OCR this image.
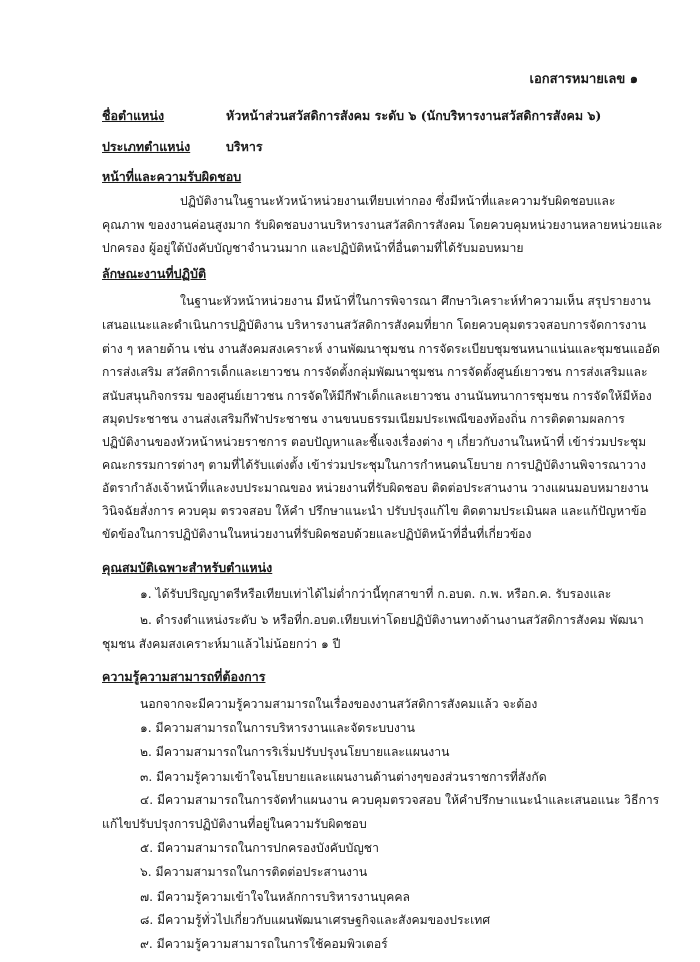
เอกสารหมายเลข ๑
ชื่อตำแหน่ง	หัวหน้าส่วนสวัสดิการสังคม ระดับ ๖ (นักบริหารงานสวัสดิการสังคม ๖)
ประเภทตำแหน่ง	บริหาร
หน้าที่และความรับผิดชอบ
ปฏิบัติงานในฐานะหัวหน้าหน่วยงานเทียบเท่ากอง ซึ่งมีหน้าที่และความรับผิดชอบและ
คุณภาพ ของงานค่อนสูงมาก รับผิดชอบงานบริหารงานสวัสดิการสังคม โดยควบคุมหน่วยงานหลายหน่วยและ
ปกครอง ผู้อยู่ใต้บังคับบัญชาจำนวนมาก และปฏิบัติหน้าที่อื่นตามที่ได้รับมอบหมาย
ลักษณะงานที่ปฏิบัติ
ในฐานะหัวหน้าหน่วยงาน มีหน้าที่ในการพิจารณา ศึกษาวิเคราะห์ทำความเห็น สรุปรายงาน
เสนอแนะและดำเนินการปฏิบัติงาน บริหารงานสวัสดิการสังคมที่ยาก โดยควบคุมตรวจสอบการจัดการงาน
ต่าง ๆ หลายด้าน เช่น งานสังคมสงเคราะห์ งานพัฒนาชุมชน การจัดระเบียบชุมชนหนาแน่นและชุมชนแออัด
การส่งเสริม สวัสดิการเด็กและเยาวชน การจัดตั้งกลุ่มพัฒนาชุมชน การจัดตั้งศูนย์เยาวชน การส่งเสริมและ
สนับสนุนกิจกรรม ของศูนย์เยาวชน การจัดให้มีกีฬาเด็กและเยาวชน งานนันทนาการชุมชน การจัดให้มีห้อง
สมุดประชาชน งานส่งเสริมกีฬาประชาชน งานขนบธรรมเนียมประเพณีของท้องถิ่น การติดตามผลการ
ปฏิบัติงานของหัวหน้าหน่วยราชการ ตอบปัญหาและชี้แจงเรื่องต่าง ๆ เกี่ยวกับงานในหน้าที่ เข้าร่วมประชุม
คณะกรรมการต่างๆ ตามที่ได้รับแต่งตั้ง เข้าร่วมประชุมในการกำหนดนโยบาย การปฏิบัติงานพิจารณาวาง
อัตรากำลังเจ้าหน้าที่และงบประมาณของ หน่วยงานที่รับผิดชอบ ติดต่อประสานงาน วางแผนมอบหมายงาน
วินิจฉัยสั่งการ ควบคุม ตรวจสอบ ให้คำ ปรึกษาแนะนำ ปรับปรุงแก้ไข ติดตามประเมินผล และแก้ปัญหาข้อ
ขัดข้องในการปฏิบัติงานในหน่วยงานที่รับผิดชอบด้วยและปฏิบัติหน้าที่อื่นที่เกี่ยวข้อง
คุณสมบัติเฉพาะสำหรับตำแหน่ง
๑. ได้รับปริญญาตรีหรือเทียบเท่าได้ไม่ต่ำกว่านี้ทุกสาขาที่ ก.อบต. ก.พ. หรือก.ค. รับรองและ
๒. ดำรงตำแหน่งระดับ ๖ หรือที่ก.อบต.เทียบเท่าโดยปฏิบัติงานทางด้านงานสวัสดิการสังคม พัฒนา
ชุมชน สังคมสงเคราะห์มาแล้วไม่น้อยกว่า ๑ ปี
ความรู้ความสามารถที่ต้องการ
นอกจากจะมีความรู้ความสามารถในเรื่องของงานสวัสดิการสังคมแล้ว จะต้อง
๑. มีความสามารถในการบริหารงานและจัดระบบงาน
๒. มีความสามารถในการริเริ่มปรับปรุงนโยบายและแผนงาน
๓. มีความรู้ความเข้าใจนโยบายและแผนงานด้านต่างๆของส่วนราชการที่สังกัด
๔. มีความสามารถในการจัดทำแผนงาน ควบคุมตรวจสอบ ให้คำปรึกษาแนะนำและเสนอแนะ วิธีการ
แก้ไขปรับปรุงการปฏิบัติงานที่อยู่ในความรับผิดชอบ
๕. มีความสามารถในการปกครองบังคับบัญชา
๖. มีความสามารถในการติดต่อประสานงาน
๗. มีความรู้ความเข้าใจในหลักการบริหารงานบุคคล
๘. มีความรู้ทั่วไปเกี่ยวกับแผนพัฒนาเศรษฐกิจและสังคมของประเทศ
๙. มีความรู้ความสามารถในการใช้คอมพิวเตอร์
